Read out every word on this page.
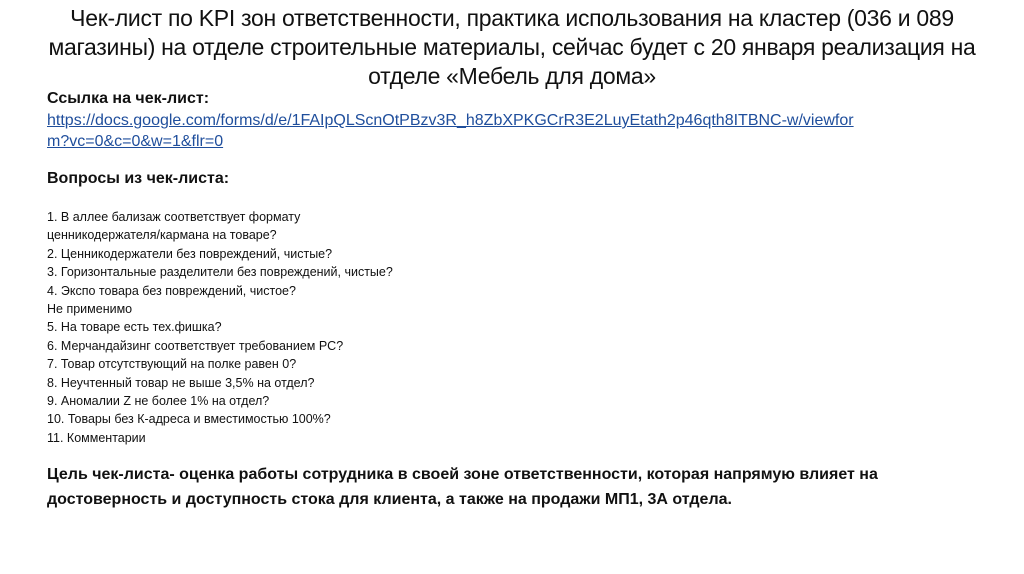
Чек-лист по KPI зон ответственности, практика использования на кластер (036 и 089 магазины) на отделе строительные материалы, сейчас будет с 20 января реализация на отделе «Мебель для дома»

Ссылка на чек-лист:

https://docs.google.com/forms/d/e/1FAIpQLScnOtPBzv3R_h8ZbXPKGCrR3E2LuyEtath2p46qth8ITBNC-w/viewform?vc=0&c=0&w=1&flr=0

Вопросы из чек-листа:

1. В аллее бализаж соответствует формату ценникодержателя/кармана на товаре?
2. Ценникодержатели без повреждений, чистые?
3. Горизонтальные разделители без повреждений, чистые?
4. Экспо товара без повреждений, чистое?
Не применимо
5. На товаре есть тех.фишка?
6. Мерчандайзинг соответствует требованием PC?
7. Товар отсутствующий на полке равен 0?
8. Неучтенный товар не выше 3,5% на отдел?
9. Аномалии Z не более 1% на отдел?
10. Товары без К-адреса и вместимостью 100%?
11. Комментарии

Цель чек-листа- оценка работы сотрудника в своей зоне ответственности, которая напрямую влияет на достоверность и доступность стока для клиента, а также на продажи МП1, 3А отдела.
